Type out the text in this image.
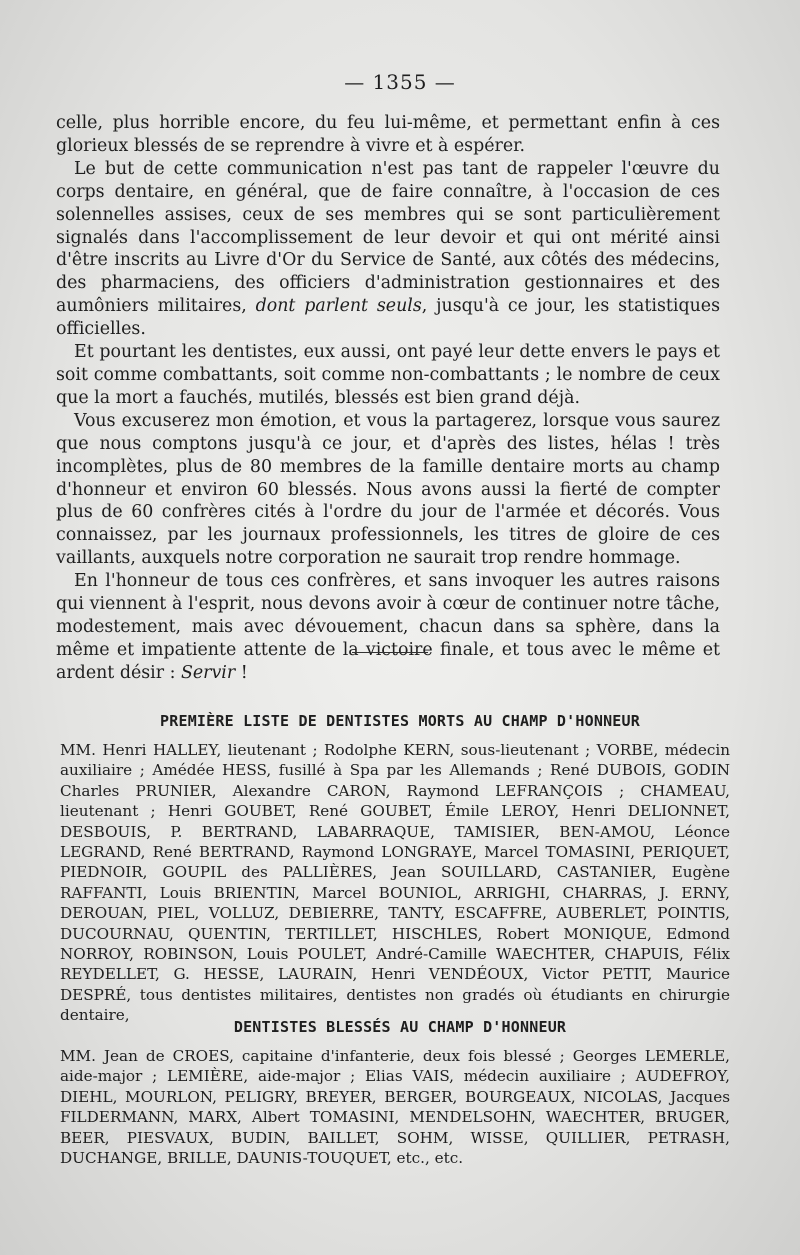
— 1355 —

celle, plus horrible encore, du feu lui-même, et permettant enfin à ces glorieux blessés de se reprendre à vivre et à espérer.

Le but de cette communication n'est pas tant de rappeler l'œuvre du corps dentaire, en général, que de faire connaître, à l'occasion de ces solennelles assises, ceux de ses membres qui se sont particulièrement signalés dans l'accomplissement de leur devoir et qui ont mérité ainsi d'être inscrits au Livre d'Or du Service de Santé, aux côtés des médecins, des pharmaciens, des officiers d'administration gestionnaires et des aumôniers militaires, dont parlent seuls, jusqu'à ce jour, les statistiques officielles.

Et pourtant les dentistes, eux aussi, ont payé leur dette envers le pays et soit comme combattants, soit comme non-combattants ; le nombre de ceux que la mort a fauchés, mutilés, blessés est bien grand déjà.

Vous excuserez mon émotion, et vous la partagerez, lorsque vous saurez que nous comptons jusqu'à ce jour, et d'après des listes, hélas ! très incomplètes, plus de 80 membres de la famille dentaire morts au champ d'honneur et environ 60 blessés. Nous avons aussi la fierté de compter plus de 60 confrères cités à l'ordre du jour de l'armée et décorés. Vous connaissez, par les journaux professionnels, les titres de gloire de ces vaillants, auxquels notre corporation ne saurait trop rendre hommage.

En l'honneur de tous ces confrères, et sans invoquer les autres raisons qui viennent à l'esprit, nous devons avoir à cœur de continuer notre tâche, modestement, mais avec dévouement, chacun dans sa sphère, dans la même et impatiente attente de la victoire finale, et tous avec le même et ardent désir : Servir !

PREMIÈRE LISTE DE DENTISTES MORTS AU CHAMP D'HONNEUR

MM. Henri HALLEY, lieutenant ; Rodolphe KERN, sous-lieutenant ; VORBE, médecin auxiliaire ; Amédée HESS, fusillé à Spa par les Allemands ; René DUBOIS, GODIN Charles PRUNIER, Alexandre CARON, Raymond LEFRANÇOIS ; CHAMEAU, lieutenant ; Henri GOUBET, René GOUBET, Émile LEROY, Henri DELIONNET, DESBOUIS, P. BERTRAND, LABARRAQUE, TAMISIER, BEN-AMOU, Léonce LEGRAND, René BERTRAND, Raymond LONGRAYE, Marcel TOMASINI, PERIQUET, PIEDNOIR, GOUPIL des PALLIÈRES, Jean SOUILLARD, CASTANIER, Eugène RAFFANTI, Louis BRIENTIN, Marcel BOUNIOL, ARRIGHI, CHARRAS, J. ERNY, DEROUAN, PIEL, VOLLUZ, DEBIERRE, TANTY, ESCAFFRE, AUBERLET, POINTIS, DUCOURNAU, QUENTIN, TERTILLET, HISCHLES, Robert MONIQUE, Edmond NORROY, ROBINSON, Louis POULET, André-Camille WAECHTER, CHAPUIS, Félix REYDELLET, G. HESSE, LAURAIN, Henri VENDÉOUX, Victor PETIT, Maurice DESPRÉ, tous dentistes militaires, dentistes non gradés où étudiants en chirurgie dentaire,

DENTISTES BLESSÉS AU CHAMP D'HONNEUR

MM. Jean de CROES, capitaine d'infanterie, deux fois blessé ; Georges LEMERLE, aide-major ; LEMIÈRE, aide-major ; Elias VAIS, médecin auxiliaire ; AUDEFROY, DIEHL, MOURLON, PELIGRY, BREYER, BERGER, BOURGEAUX, NICOLAS, Jacques FILDERMANN, MARX, Albert TOMASINI, MENDELSOHN, WAECHTER, BRUGER, BEER, PIESVAUX, BUDIN, BAILLET, SOHM, WISSE, QUILLIER, PETRASH, DUCHANGE, BRILLE, DAUNIS-TOUQUET, etc., etc.
